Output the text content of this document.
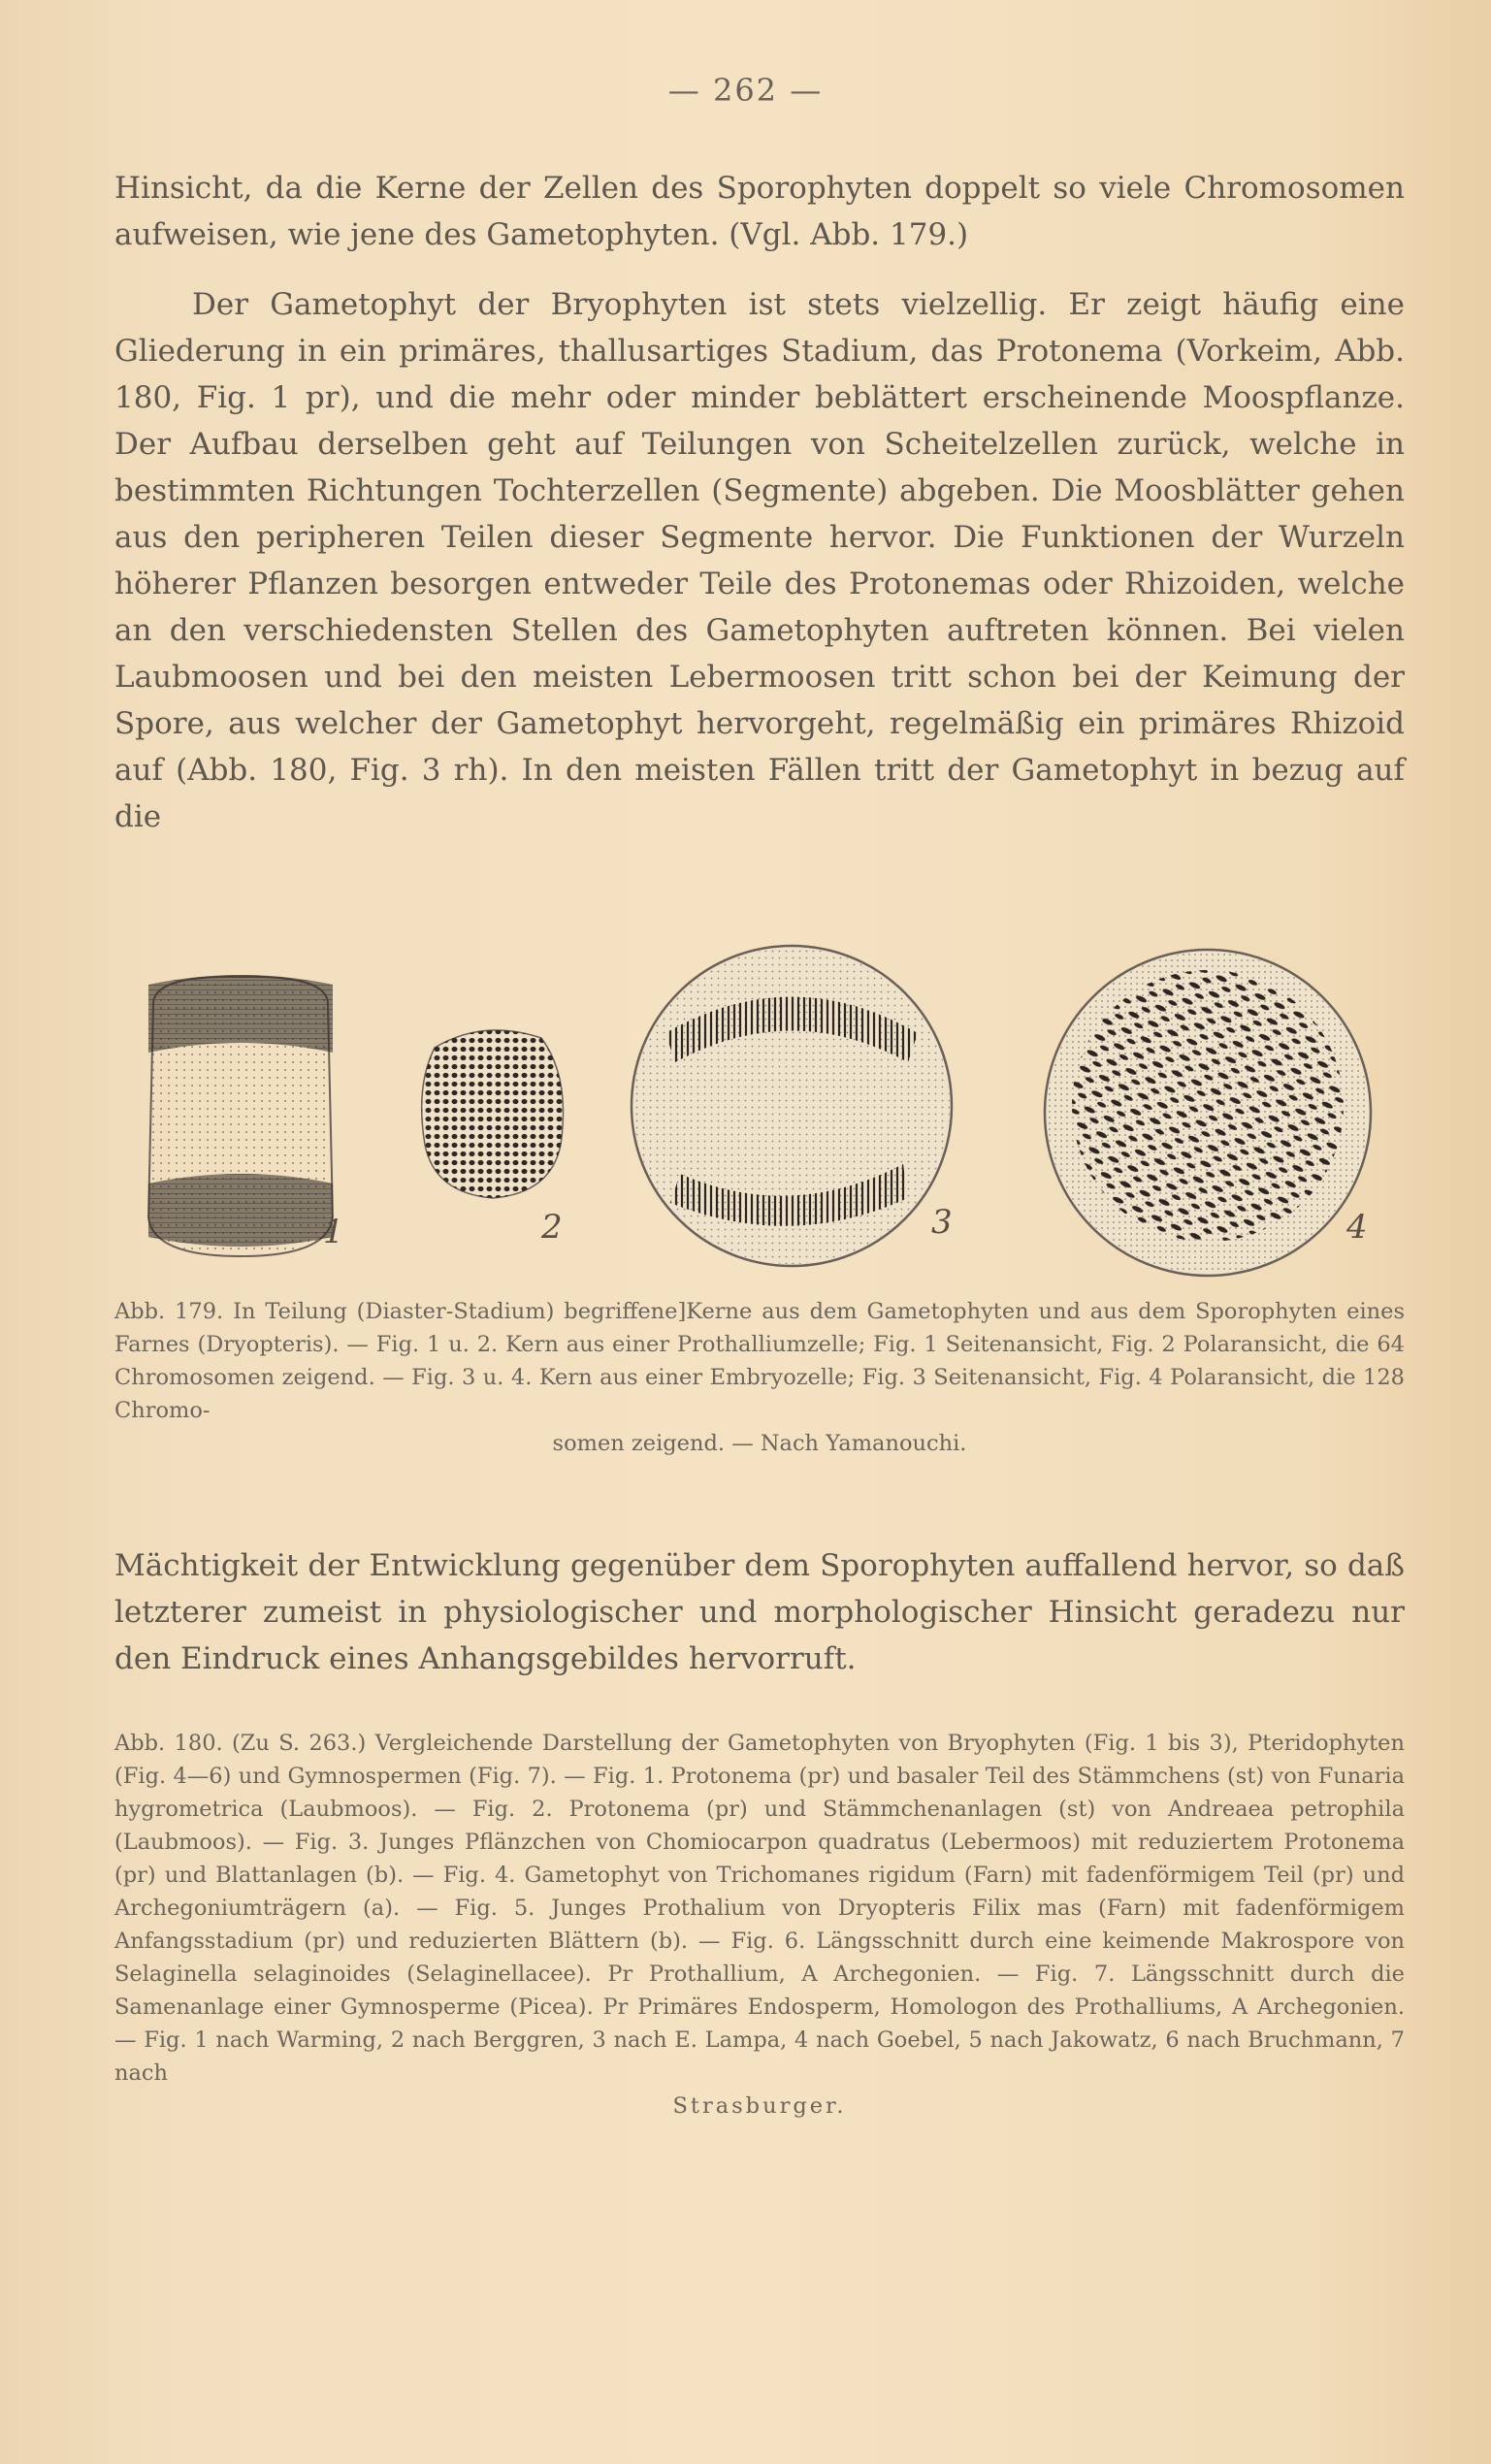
— 262 —

Hinsicht, da die Kerne der Zellen des Sporophyten doppelt so viele Chromosomen aufweisen, wie jene des Gametophyten. (Vgl. Abb. 179.)

Der Gametophyt der Bryophyten ist stets vielzellig. Er zeigt häufig eine Gliederung in ein primäres, thallusartiges Stadium, das Protonema (Vorkeim, Abb. 180, Fig. 1 pr), und die mehr oder minder beblättert erscheinende Moospflanze. Der Aufbau derselben geht auf Teilungen von Scheitelzellen zurück, welche in bestimmten Richtungen Tochterzellen (Segmente) abgeben. Die Moosblätter gehen aus den peripheren Teilen dieser Segmente hervor. Die Funktionen der Wurzeln höherer Pflanzen besorgen entweder Teile des Protonemas oder Rhizoiden, welche an den verschiedensten Stellen des Gametophyten auftreten können. Bei vielen Laubmoosen und bei den meisten Lebermoosen tritt schon bei der Keimung der Spore, aus welcher der Gametophyt hervorgeht, regelmäßig ein primäres Rhizoid auf (Abb. 180, Fig. 3 rh). In den meisten Fällen tritt der Gametophyt in bezug auf die

1	2	3	4

Abb. 179. In Teilung (Diaster-Stadium) begriffene]Kerne aus dem Gametophyten und aus dem Sporophyten eines Farnes (Dryopteris). — Fig. 1 u. 2. Kern aus einer Prothalliumzelle; Fig. 1 Seitenansicht, Fig. 2 Polaransicht, die 64 Chromosomen zeigend. — Fig. 3 u. 4. Kern aus einer Embryozelle; Fig. 3 Seitenansicht, Fig. 4 Polaransicht, die 128 Chromo-

somen zeigend. — Nach Yamanouchi.

Mächtigkeit der Entwicklung gegenüber dem Sporophyten auffallend hervor, so daß letzterer zumeist in physiologischer und morphologischer Hinsicht geradezu nur den Eindruck eines Anhangsgebildes hervorruft.

Abb. 180. (Zu S. 263.) Vergleichende Darstellung der Gametophyten von Bryophyten (Fig. 1 bis 3), Pteridophyten (Fig. 4—6) und Gymnospermen (Fig. 7). — Fig. 1. Protonema (pr) und basaler Teil des Stämmchens (st) von Funaria hygrometrica (Laubmoos). — Fig. 2. Protonema (pr) und Stämmchenanlagen (st) von Andreaea petrophila (Laubmoos). — Fig. 3. Junges Pflänzchen von Chomiocarpon quadratus (Lebermoos) mit reduziertem Protonema (pr) und Blattanlagen (b). — Fig. 4. Gametophyt von Trichomanes rigidum (Farn) mit fadenförmigem Teil (pr) und Archegoniumträgern (a). — Fig. 5. Junges Prothalium von Dryopteris Filix mas (Farn) mit fadenförmigem Anfangsstadium (pr) und reduzierten Blättern (b). — Fig. 6. Längsschnitt durch eine keimende Makrospore von Selaginella selaginoides (Selaginellacee). Pr Prothallium, A Archegonien. — Fig. 7. Längsschnitt durch die Samenanlage einer Gymnosperme (Picea). Pr Primäres Endosperm, Homologon des Prothalliums, A Archegonien. — Fig. 1 nach Warming, 2 nach Berggren, 3 nach E. Lampa, 4 nach Goebel, 5 nach Jakowatz, 6 nach Bruchmann, 7 nach

Strasburger.
